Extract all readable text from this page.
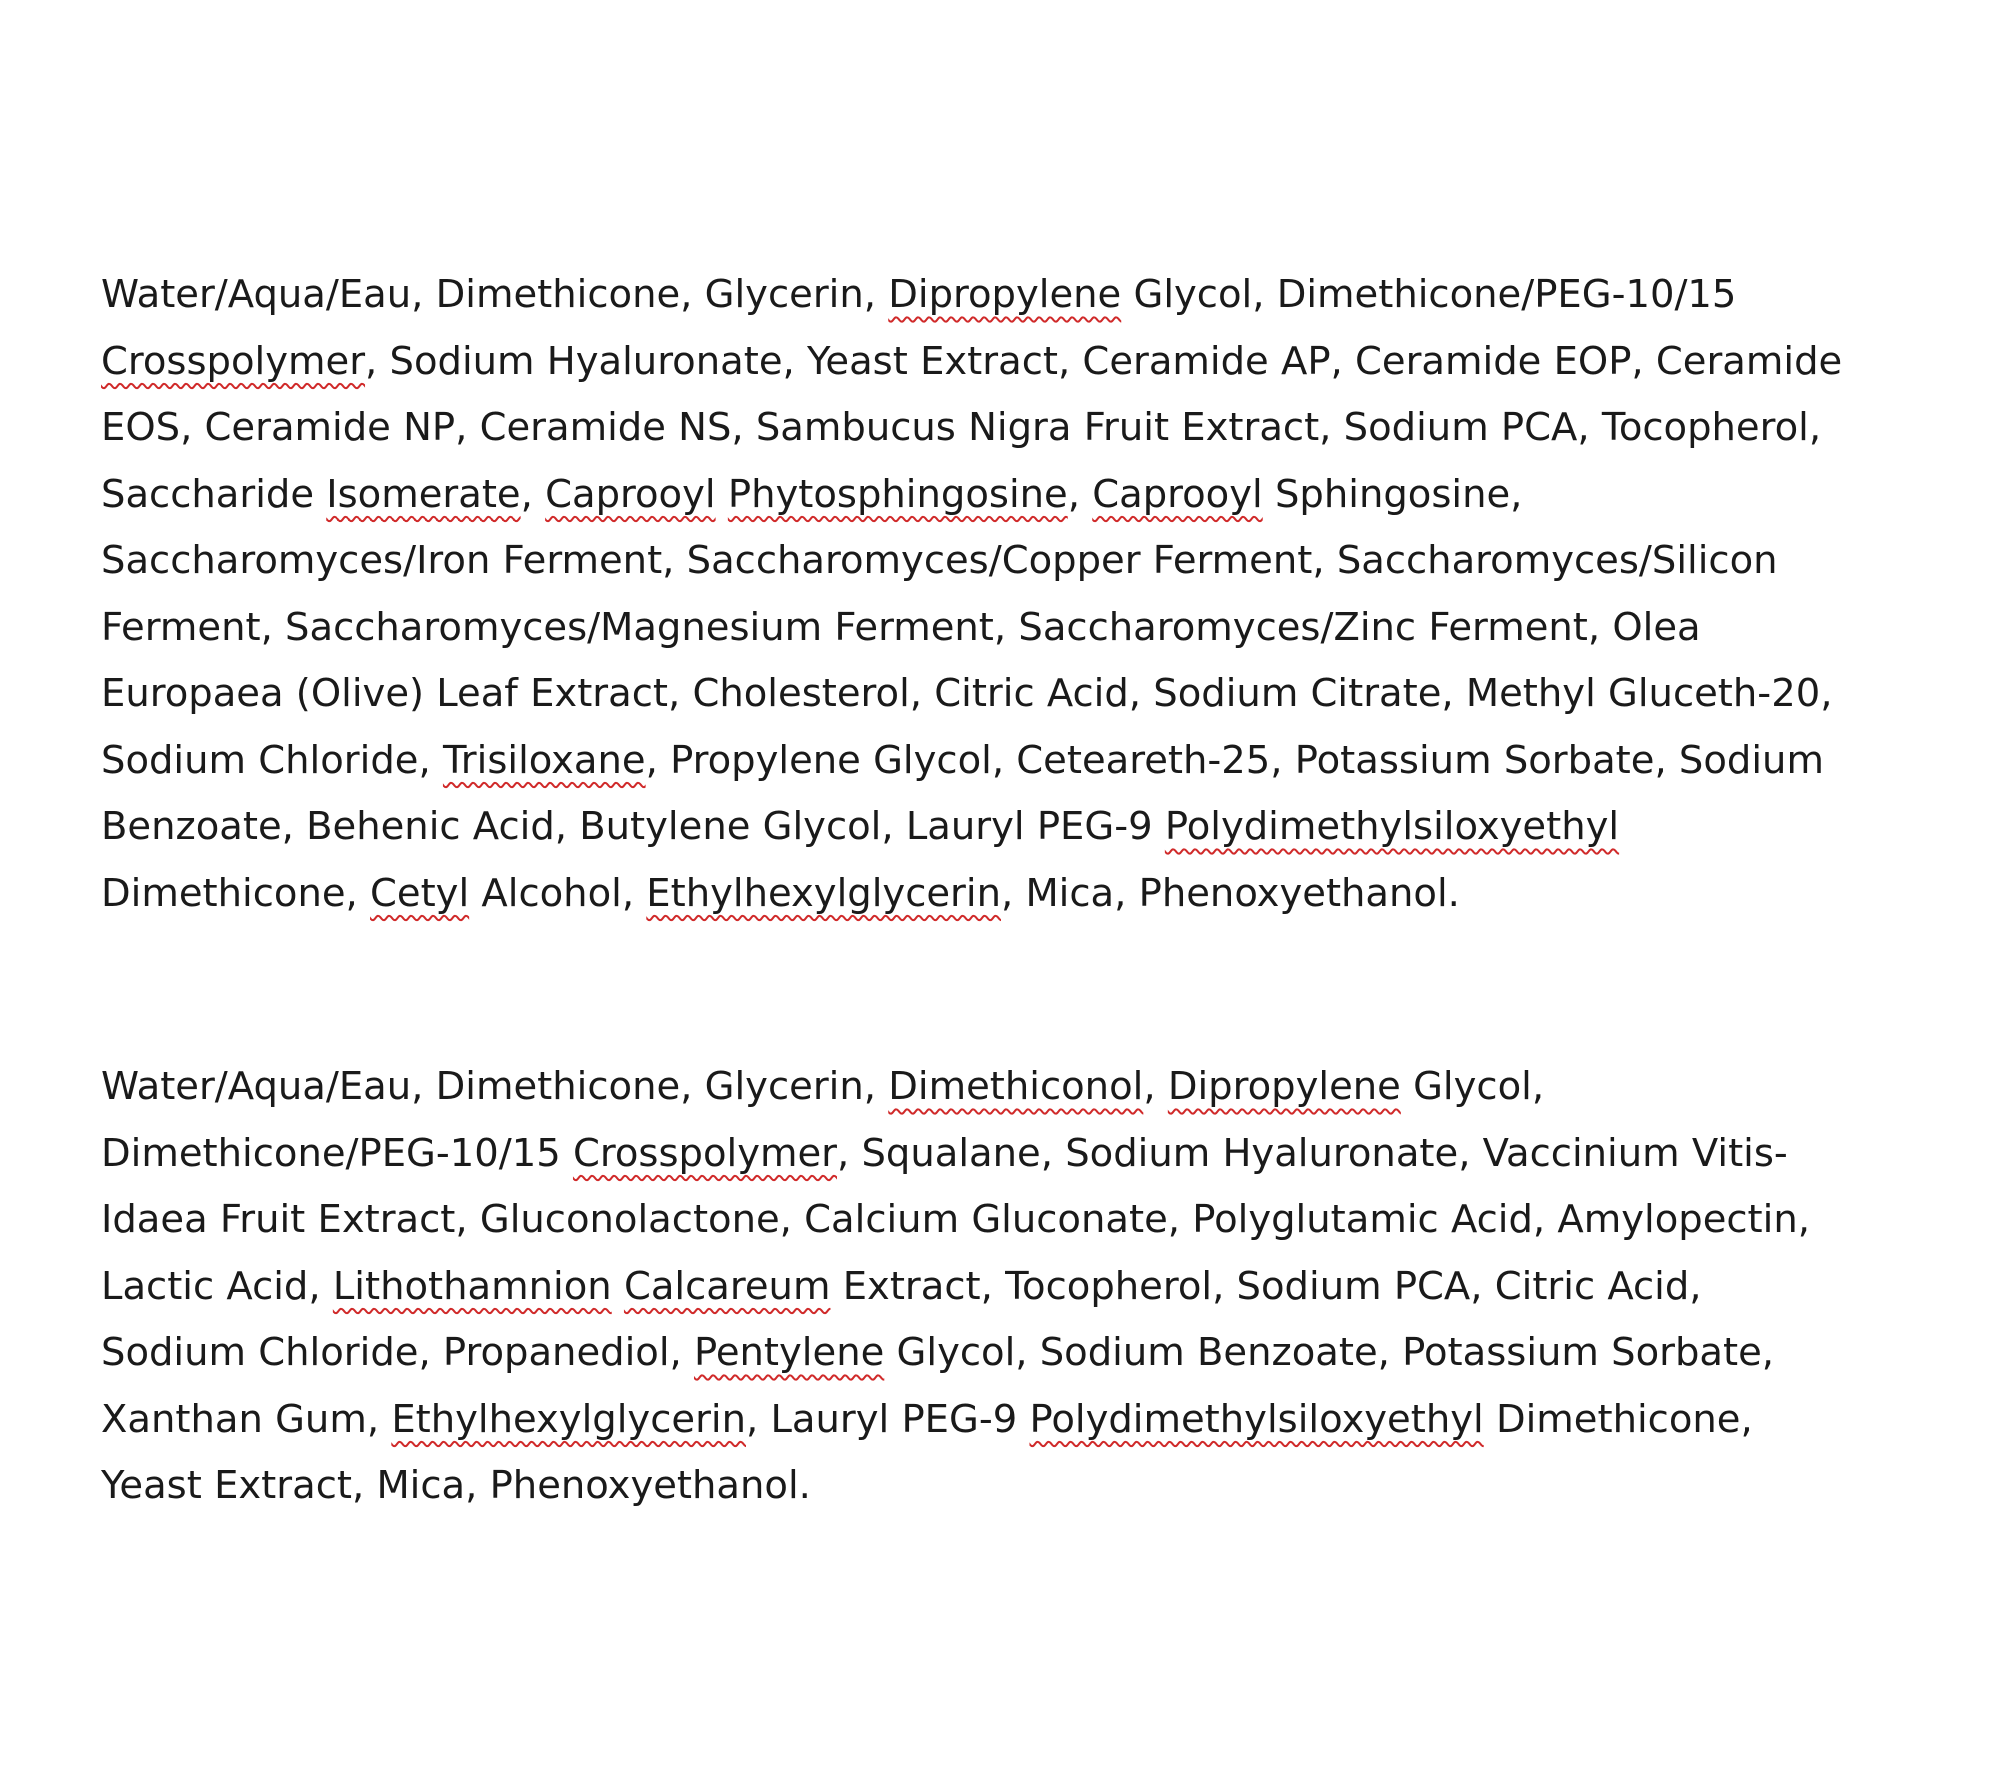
Water/Aqua/Eau, Dimethicone, Glycerin, Dipropylene Glycol, Dimethicone/PEG-10/15
Crosspolymer, Sodium Hyaluronate, Yeast Extract, Ceramide AP, Ceramide EOP, Ceramide
EOS, Ceramide NP, Ceramide NS, Sambucus Nigra Fruit Extract, Sodium PCA, Tocopherol,
Saccharide Isomerate, Caprooyl Phytosphingosine, Caprooyl Sphingosine,
Saccharomyces/Iron Ferment, Saccharomyces/Copper Ferment, Saccharomyces/Silicon
Ferment, Saccharomyces/Magnesium Ferment, Saccharomyces/Zinc Ferment, Olea
Europaea (Olive) Leaf Extract, Cholesterol, Citric Acid, Sodium Citrate, Methyl Gluceth-20,
Sodium Chloride, Trisiloxane, Propylene Glycol, Ceteareth-25, Potassium Sorbate, Sodium
Benzoate, Behenic Acid, Butylene Glycol, Lauryl PEG-9 Polydimethylsiloxyethyl
Dimethicone, Cetyl Alcohol, Ethylhexylglycerin, Mica, Phenoxyethanol.

Water/Aqua/Eau, Dimethicone, Glycerin, Dimethiconol, Dipropylene Glycol,
Dimethicone/PEG-10/15 Crosspolymer, Squalane, Sodium Hyaluronate, Vaccinium Vitis-
Idaea Fruit Extract, Gluconolactone, Calcium Gluconate, Polyglutamic Acid, Amylopectin,
Lactic Acid, Lithothamnion Calcareum Extract, Tocopherol, Sodium PCA, Citric Acid,
Sodium Chloride, Propanediol, Pentylene Glycol, Sodium Benzoate, Potassium Sorbate,
Xanthan Gum, Ethylhexylglycerin, Lauryl PEG-9 Polydimethylsiloxyethyl Dimethicone,
Yeast Extract, Mica, Phenoxyethanol.
